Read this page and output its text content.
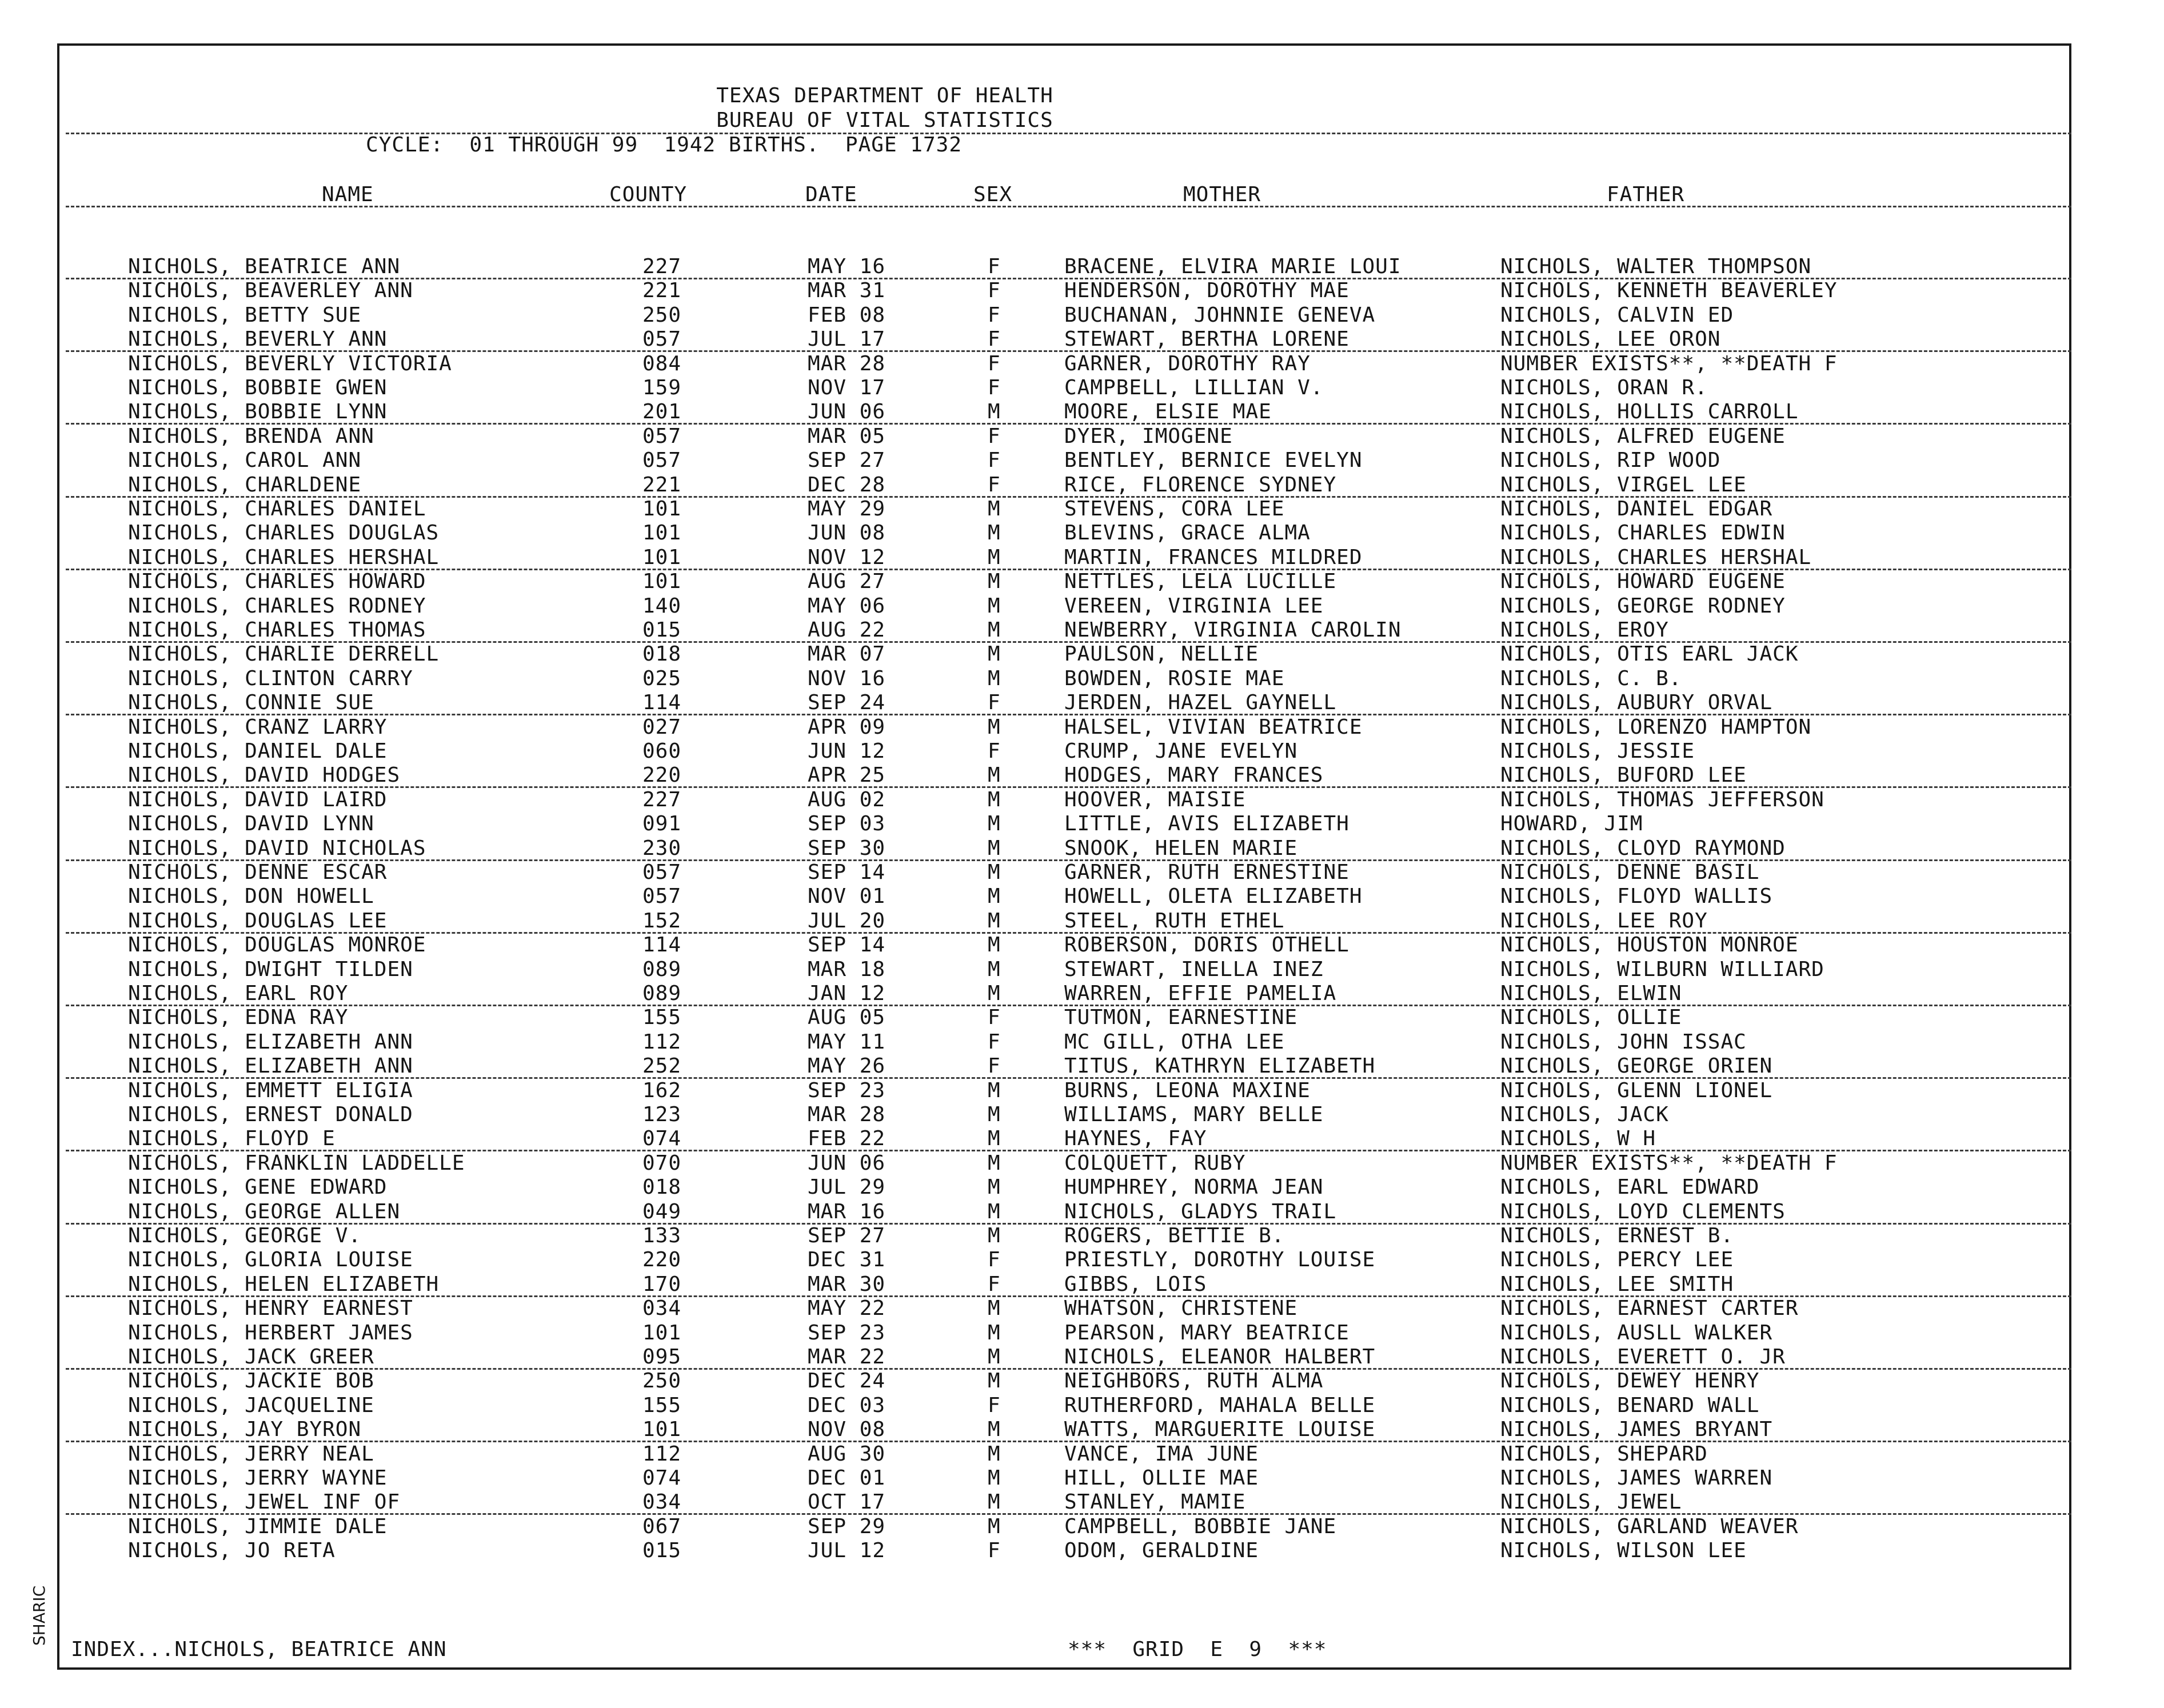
SHARIC
TEXAS DEPARTMENT OF HEALTH
BUREAU OF VITAL STATISTICS
CYCLE:  01 THROUGH 99  1942 BIRTHS.  PAGE 1732
NAME	COUNTY	DATE	SEX	MOTHER	FATHER
NICHOLS, BEATRICE ANN	227	MAY 16	F	BRACENE, ELVIRA MARIE LOUI	NICHOLS, WALTER THOMPSON
NICHOLS, BEAVERLEY ANN	221	MAR 31	F	HENDERSON, DOROTHY MAE	NICHOLS, KENNETH BEAVERLEY
NICHOLS, BETTY SUE	250	FEB 08	F	BUCHANAN, JOHNNIE GENEVA	NICHOLS, CALVIN ED
NICHOLS, BEVERLY ANN	057	JUL 17	F	STEWART, BERTHA LORENE	NICHOLS, LEE ORON
NICHOLS, BEVERLY VICTORIA	084	MAR 28	F	GARNER, DOROTHY RAY	NUMBER EXISTS**, **DEATH F
NICHOLS, BOBBIE GWEN	159	NOV 17	F	CAMPBELL, LILLIAN V.	NICHOLS, ORAN R.
NICHOLS, BOBBIE LYNN	201	JUN 06	M	MOORE, ELSIE MAE	NICHOLS, HOLLIS CARROLL
NICHOLS, BRENDA ANN	057	MAR 05	F	DYER, IMOGENE	NICHOLS, ALFRED EUGENE
NICHOLS, CAROL ANN	057	SEP 27	F	BENTLEY, BERNICE EVELYN	NICHOLS, RIP WOOD
NICHOLS, CHARLDENE	221	DEC 28	F	RICE, FLORENCE SYDNEY	NICHOLS, VIRGEL LEE
NICHOLS, CHARLES DANIEL	101	MAY 29	M	STEVENS, CORA LEE	NICHOLS, DANIEL EDGAR
NICHOLS, CHARLES DOUGLAS	101	JUN 08	M	BLEVINS, GRACE ALMA	NICHOLS, CHARLES EDWIN
NICHOLS, CHARLES HERSHAL	101	NOV 12	M	MARTIN, FRANCES MILDRED	NICHOLS, CHARLES HERSHAL
NICHOLS, CHARLES HOWARD	101	AUG 27	M	NETTLES, LELA LUCILLE	NICHOLS, HOWARD EUGENE
NICHOLS, CHARLES RODNEY	140	MAY 06	M	VEREEN, VIRGINIA LEE	NICHOLS, GEORGE RODNEY
NICHOLS, CHARLES THOMAS	015	AUG 22	M	NEWBERRY, VIRGINIA CAROLIN	NICHOLS, EROY
NICHOLS, CHARLIE DERRELL	018	MAR 07	M	PAULSON, NELLIE	NICHOLS, OTIS EARL JACK
NICHOLS, CLINTON CARRY	025	NOV 16	M	BOWDEN, ROSIE MAE	NICHOLS, C. B.
NICHOLS, CONNIE SUE	114	SEP 24	F	JERDEN, HAZEL GAYNELL	NICHOLS, AUBURY ORVAL
NICHOLS, CRANZ LARRY	027	APR 09	M	HALSEL, VIVIAN BEATRICE	NICHOLS, LORENZO HAMPTON
NICHOLS, DANIEL DALE	060	JUN 12	F	CRUMP, JANE EVELYN	NICHOLS, JESSIE
NICHOLS, DAVID HODGES	220	APR 25	M	HODGES, MARY FRANCES	NICHOLS, BUFORD LEE
NICHOLS, DAVID LAIRD	227	AUG 02	M	HOOVER, MAISIE	NICHOLS, THOMAS JEFFERSON
NICHOLS, DAVID LYNN	091	SEP 03	M	LITTLE, AVIS ELIZABETH	HOWARD, JIM
NICHOLS, DAVID NICHOLAS	230	SEP 30	M	SNOOK, HELEN MARIE	NICHOLS, CLOYD RAYMOND
NICHOLS, DENNE ESCAR	057	SEP 14	M	GARNER, RUTH ERNESTINE	NICHOLS, DENNE BASIL
NICHOLS, DON HOWELL	057	NOV 01	M	HOWELL, OLETA ELIZABETH	NICHOLS, FLOYD WALLIS
NICHOLS, DOUGLAS LEE	152	JUL 20	M	STEEL, RUTH ETHEL	NICHOLS, LEE ROY
NICHOLS, DOUGLAS MONROE	114	SEP 14	M	ROBERSON, DORIS OTHELL	NICHOLS, HOUSTON MONROE
NICHOLS, DWIGHT TILDEN	089	MAR 18	M	STEWART, INELLA INEZ	NICHOLS, WILBURN WILLIARD
NICHOLS, EARL ROY	089	JAN 12	M	WARREN, EFFIE PAMELIA	NICHOLS, ELWIN
NICHOLS, EDNA RAY	155	AUG 05	F	TUTMON, EARNESTINE	NICHOLS, OLLIE
NICHOLS, ELIZABETH ANN	112	MAY 11	F	MC GILL, OTHA LEE	NICHOLS, JOHN ISSAC
NICHOLS, ELIZABETH ANN	252	MAY 26	F	TITUS, KATHRYN ELIZABETH	NICHOLS, GEORGE ORIEN
NICHOLS, EMMETT ELIGIA	162	SEP 23	M	BURNS, LEONA MAXINE	NICHOLS, GLENN LIONEL
NICHOLS, ERNEST DONALD	123	MAR 28	M	WILLIAMS, MARY BELLE	NICHOLS, JACK
NICHOLS, FLOYD E	074	FEB 22	M	HAYNES, FAY	NICHOLS, W H
NICHOLS, FRANKLIN LADDELLE	070	JUN 06	M	COLQUETT, RUBY	NUMBER EXISTS**, **DEATH F
NICHOLS, GENE EDWARD	018	JUL 29	M	HUMPHREY, NORMA JEAN	NICHOLS, EARL EDWARD
NICHOLS, GEORGE ALLEN	049	MAR 16	M	NICHOLS, GLADYS TRAIL	NICHOLS, LOYD CLEMENTS
NICHOLS, GEORGE V.	133	SEP 27	M	ROGERS, BETTIE B.	NICHOLS, ERNEST B.
NICHOLS, GLORIA LOUISE	220	DEC 31	F	PRIESTLY, DOROTHY LOUISE	NICHOLS, PERCY LEE
NICHOLS, HELEN ELIZABETH	170	MAR 30	F	GIBBS, LOIS	NICHOLS, LEE SMITH
NICHOLS, HENRY EARNEST	034	MAY 22	M	WHATSON, CHRISTENE	NICHOLS, EARNEST CARTER
NICHOLS, HERBERT JAMES	101	SEP 23	M	PEARSON, MARY BEATRICE	NICHOLS, AUSLL WALKER
NICHOLS, JACK GREER	095	MAR 22	M	NICHOLS, ELEANOR HALBERT	NICHOLS, EVERETT O. JR
NICHOLS, JACKIE BOB	250	DEC 24	M	NEIGHBORS, RUTH ALMA	NICHOLS, DEWEY HENRY
NICHOLS, JACQUELINE	155	DEC 03	F	RUTHERFORD, MAHALA BELLE	NICHOLS, BENARD WALL
NICHOLS, JAY BYRON	101	NOV 08	M	WATTS, MARGUERITE LOUISE	NICHOLS, JAMES BRYANT
NICHOLS, JERRY NEAL	112	AUG 30	M	VANCE, IMA JUNE	NICHOLS, SHEPARD
NICHOLS, JERRY WAYNE	074	DEC 01	M	HILL, OLLIE MAE	NICHOLS, JAMES WARREN
NICHOLS, JEWEL INF OF	034	OCT 17	M	STANLEY, MAMIE	NICHOLS, JEWEL
NICHOLS, JIMMIE DALE	067	SEP 29	M	CAMPBELL, BOBBIE JANE	NICHOLS, GARLAND WEAVER
NICHOLS, JO RETA	015	JUL 12	F	ODOM, GERALDINE	NICHOLS, WILSON LEE
INDEX...NICHOLS, BEATRICE ANN	***  GRID  E  9  ***
